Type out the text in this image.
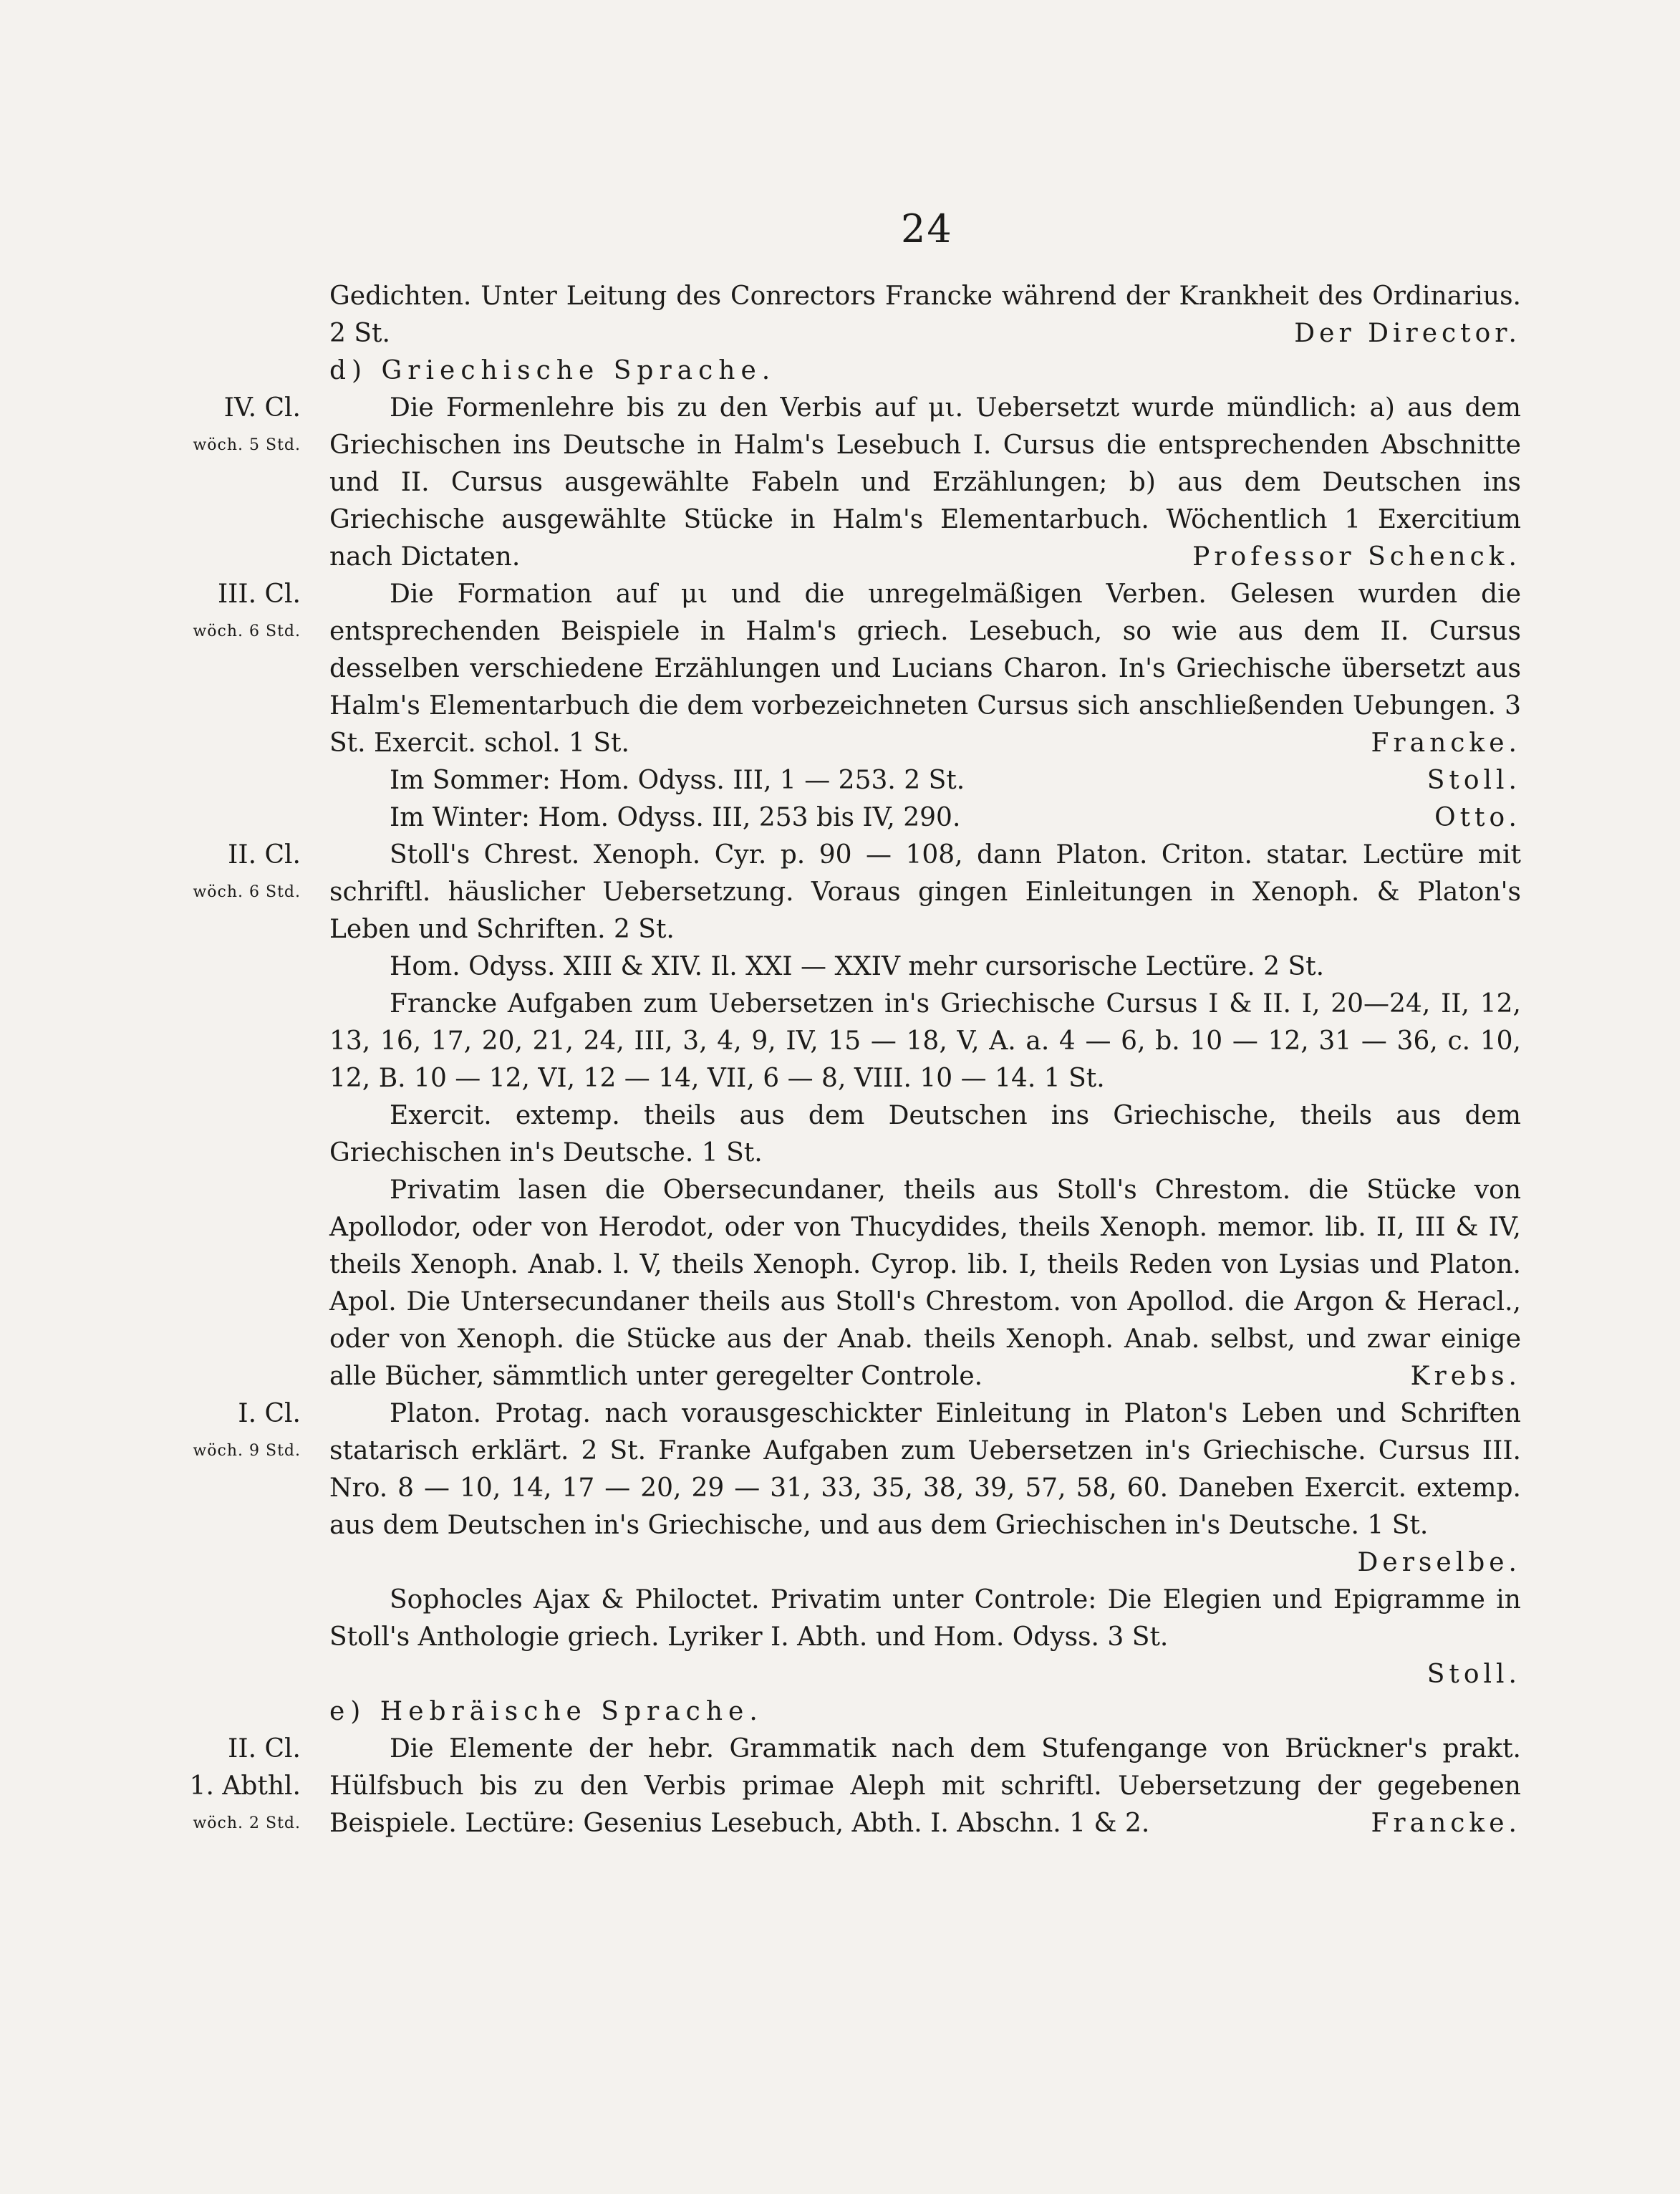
24

Gedichten. Unter Leitung des Conrectors Francke während der Krankheit des Ordinarius. 2 St.	Der Director.

d) Griechische Sprache.

IV. Cl.
wöch. 5 Std.

Die Formenlehre bis zu den Verbis auf μι. Uebersetzt wurde mündlich: a) aus dem Griechischen ins Deutsche in Halm's Lesebuch I. Cursus die entsprechenden Abschnitte und II. Cursus ausgewählte Fabeln und Erzählungen; b) aus dem Deutschen ins Griechische ausgewählte Stücke in Halm's Elementarbuch. Wöchentlich 1 Exercitium nach Dictaten.	Professor Schenck.

III. Cl.
wöch. 6 Std.

Die Formation auf μι und die unregelmäßigen Verben. Gelesen wurden die entsprechenden Beispiele in Halm's griech. Lesebuch, so wie aus dem II. Cursus desselben verschiedene Erzählungen und Lucians Charon. In's Griechische übersetzt aus Halm's Elementarbuch die dem vorbezeichneten Cursus sich anschließenden Uebungen. 3 St. Exercit. schol. 1 St.	Francke.

Im Sommer: Hom. Odyss. III, 1 — 253. 2 St.	Stoll.

Im Winter: Hom. Odyss. III, 253 bis IV, 290.	Otto.

II. Cl.
wöch. 6 Std.

Stoll's Chrest. Xenoph. Cyr. p. 90 — 108, dann Platon. Criton. statar. Lectüre mit schriftl. häuslicher Uebersetzung. Voraus gingen Einleitungen in Xenoph. & Platon's Leben und Schriften. 2 St.

Hom. Odyss. XIII & XIV. Il. XXI — XXIV mehr cursorische Lectüre. 2 St.

Francke Aufgaben zum Uebersetzen in's Griechische Cursus I & II. I, 20—24, II, 12, 13, 16, 17, 20, 21, 24, III, 3, 4, 9, IV, 15 — 18, V, A. a. 4 — 6, b. 10 — 12, 31 — 36, c. 10, 12, B. 10 — 12, VI, 12 — 14, VII, 6 — 8, VIII. 10 — 14. 1 St.

Exercit. extemp. theils aus dem Deutschen ins Griechische, theils aus dem Griechischen in's Deutsche. 1 St.

Privatim lasen die Obersecundaner, theils aus Stoll's Chrestom. die Stücke von Apollodor, oder von Herodot, oder von Thucydides, theils Xenoph. memor. lib. II, III & IV, theils Xenoph. Anab. l. V, theils Xenoph. Cyrop. lib. I, theils Reden von Lysias und Platon. Apol. Die Untersecundaner theils aus Stoll's Chrestom. von Apollod. die Argon & Heracl., oder von Xenoph. die Stücke aus der Anab. theils Xenoph. Anab. selbst, und zwar einige alle Bücher, sämmtlich unter geregelter Controle.	Krebs.

I. Cl.
wöch. 9 Std.

Platon. Protag. nach vorausgeschickter Einleitung in Platon's Leben und Schriften statarisch erklärt. 2 St. Franke Aufgaben zum Uebersetzen in's Griechische. Cursus III. Nro. 8 — 10, 14, 17 — 20, 29 — 31, 33, 35, 38, 39, 57, 58, 60. Daneben Exercit. extemp. aus dem Deutschen in's Griechische, und aus dem Griechischen in's Deutsche. 1 St.
Derselbe.

Sophocles Ajax & Philoctet. Privatim unter Controle: Die Elegien und Epigramme in Stoll's Anthologie griech. Lyriker I. Abth. und Hom. Odyss. 3 St.

Stoll.

e) Hebräische Sprache.

II. Cl.
1. Abthl.
wöch. 2 Std.

Die Elemente der hebr. Grammatik nach dem Stufengange von Brückner's prakt. Hülfsbuch bis zu den Verbis primae Aleph mit schriftl. Uebersetzung der gegebenen Beispiele. Lectüre: Gesenius Lesebuch, Abth. I. Abschn. 1 & 2.	Francke.
